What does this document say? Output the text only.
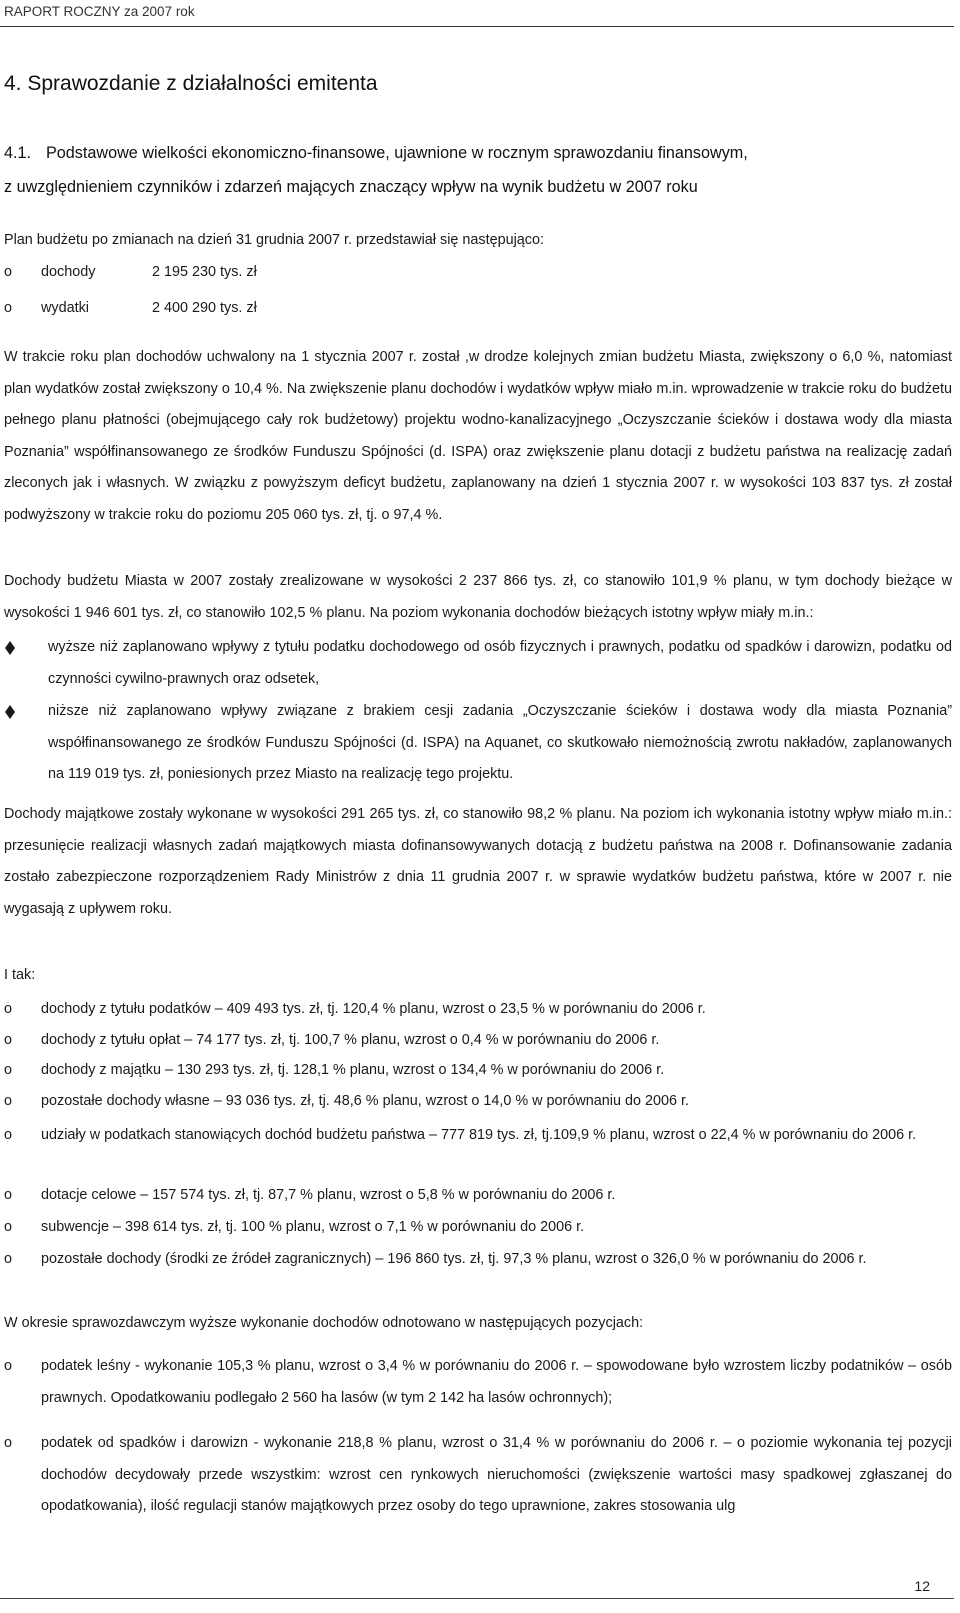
RAPORT ROCZNY za 2007 rok
4. Sprawozdanie z działalności emitenta
4.1. Podstawowe wielkości ekonomiczno-finansowe, ujawnione w rocznym sprawozdaniu finansowym,
z uwzględnieniem czynników i zdarzeń mających znaczący wpływ na wynik budżetu w 2007 roku
Plan budżetu po zmianach na dzień 31 grudnia 2007 r. przedstawiał się następująco:
o dochody	2 195 230 tys. zł
o wydatki	2 400 290 tys. zł
W trakcie roku plan dochodów uchwalony na 1 stycznia 2007 r. został ,w drodze kolejnych zmian budżetu Miasta, zwiększony o 6,0 %, natomiast plan wydatków został zwiększony o 10,4 %. Na zwiększenie planu dochodów i wydatków wpływ miało m.in. wprowadzenie w trakcie roku do budżetu pełnego planu płatności (obejmującego cały rok budżetowy) projektu wodno-kanalizacyjnego „Oczyszczanie ścieków i dostawa wody dla miasta Poznania” współfinansowanego ze środków Funduszu Spójności (d. ISPA) oraz zwiększenie planu dotacji z budżetu państwa na realizację zadań zleconych jak i własnych. W związku z powyższym deficyt budżetu, zaplanowany na dzień 1 stycznia 2007 r. w wysokości 103 837 tys. zł został podwyższony w trakcie roku do poziomu 205 060 tys. zł, tj. o 97,4 %.
Dochody budżetu Miasta w 2007 zostały zrealizowane w wysokości 2 237 866 tys. zł, co stanowiło 101,9 % planu, w tym dochody bieżące w wysokości 1 946 601 tys. zł, co stanowiło 102,5 % planu. Na poziom wykonania dochodów bieżących istotny wpływ miały m.in.:
wyższe niż zaplanowano wpływy z tytułu podatku dochodowego od osób fizycznych i prawnych, podatku od spadków i darowizn, podatku od czynności cywilno-prawnych oraz odsetek,
niższe niż zaplanowano wpływy związane z brakiem cesji zadania „Oczyszczanie ścieków i dostawa wody dla miasta Poznania” współfinansowanego ze środków Funduszu Spójności (d. ISPA) na Aquanet, co skutkowało niemożnością zwrotu nakładów, zaplanowanych na 119 019 tys. zł, poniesionych przez Miasto na realizację tego projektu.
Dochody majątkowe zostały wykonane w wysokości 291 265 tys. zł, co stanowiło 98,2 % planu. Na poziom ich wykonania istotny wpływ miało m.in.: przesunięcie realizacji własnych zadań majątkowych miasta dofinansowywanych dotacją z budżetu państwa na 2008 r. Dofinansowanie zadania zostało zabezpieczone rozporządzeniem Rady Ministrów z dnia 11 grudnia 2007 r. w sprawie wydatków budżetu państwa, które w 2007 r. nie wygasają z upływem roku.
I tak:
o dochody z tytułu podatków – 409 493 tys. zł, tj. 120,4 % planu, wzrost o 23,5 % w porównaniu do 2006 r.
o dochody z tytułu opłat – 74 177 tys. zł, tj. 100,7 % planu, wzrost o 0,4 % w porównaniu do 2006 r.
o dochody z majątku – 130 293 tys. zł, tj. 128,1 % planu, wzrost o 134,4 % w porównaniu do 2006 r.
o pozostałe dochody własne – 93 036 tys. zł, tj. 48,6 % planu, wzrost o 14,0 % w porównaniu do 2006 r.
o udziały w podatkach stanowiących dochód budżetu państwa – 777 819 tys. zł, tj.109,9 % planu, wzrost o 22,4 % w porównaniu do 2006 r.
o dotacje celowe – 157 574 tys. zł, tj. 87,7 % planu, wzrost o 5,8 % w porównaniu do 2006 r.
o subwencje – 398 614 tys. zł, tj. 100 % planu, wzrost o 7,1 % w porównaniu do 2006 r.
o pozostałe dochody (środki ze źródeł zagranicznych) – 196 860 tys. zł, tj. 97,3 % planu, wzrost o 326,0 % w porównaniu do 2006 r.
W okresie sprawozdawczym wyższe wykonanie dochodów odnotowano w następujących pozycjach:
o podatek leśny - wykonanie 105,3 % planu, wzrost o 3,4 % w porównaniu do 2006 r. – spowodowane było wzrostem liczby podatników – osób prawnych. Opodatkowaniu podlegało 2 560 ha lasów (w tym 2 142 ha lasów ochronnych);
o podatek od spadków i darowizn - wykonanie 218,8 % planu, wzrost o 31,4 % w porównaniu do 2006 r. – o poziomie wykonania tej pozycji dochodów decydowały przede wszystkim: wzrost cen rynkowych nieruchomości (zwiększenie wartości masy spadkowej zgłaszanej do opodatkowania), ilość regulacji stanów majątkowych przez osoby do tego uprawnione, zakres stosowania ulg
12
